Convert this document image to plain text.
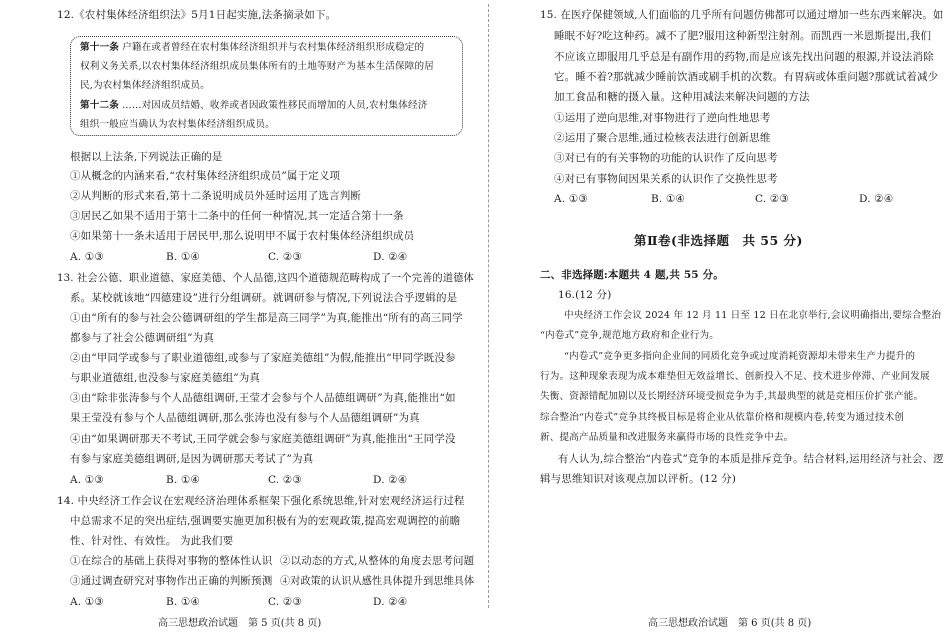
12.《农村集体经济组织法》5月1日起实施,法条摘录如下。
第十一条 户籍在或者曾经在农村集体经济组织并与农村集体经济组织形成稳定的
权利义务关系,以农村集体经济组织成员集体所有的土地等财产为基本生活保障的居
民,为农村集体经济组织成员。
第十二条 ……对因成员结婚、收养或者因政策性移民而增加的人员,农村集体经济
组织一般应当确认为农村集体经济组织成员。
根据以上法条,下列说法正确的是
①从概念的内涵来看,“农村集体经济组织成员”属于定义项
②从判断的形式来看,第十二条说明成员外延时运用了选言判断
③居民乙如果不适用于第十二条中的任何一种情况,其一定适合第十一条
④如果第十一条未适用于居民甲,那么说明甲不属于农村集体经济组织成员
A. ①③	B. ①④	C. ②③	D. ②④
13. 社会公德、职业道德、家庭美德、个人品德,这四个道德规范畴构成了一个完善的道德体
系。某校就该地“四德建设”进行分组调研。就调研参与情况,下列说法合乎逻辑的是
①由“所有的参与社会公德调研组的学生都是高三同学”为真,能推出“所有的高三同学
都参与了社会公德调研组”为真
②由“甲同学或参与了职业道德组,或参与了家庭美德组”为假,能推出“甲同学既没参
与职业道德组,也没参与家庭美德组”为真
③由“除非张涛参与个人品德组调研,王莹才会参与个人品德组调研”为真,能推出“如
果王莹没有参与个人品德组调研,那么张涛也没有参与个人品德组调研”为真
④由“如果调研那天不考试,王同学就会参与家庭美德组调研”为真,能推出“王同学没
有参与家庭美德组调研,是因为调研那天考试了”为真
A. ①③	B. ①④	C. ②③	D. ②④
14. 中央经济工作会议在宏观经济治理体系框架下强化系统思维,针对宏观经济运行过程
中总需求不足的突出症结,强调要实施更加积极有为的宏观政策,提高宏观调控的前瞻
性、针对性、有效性。 为此我们要
①在综合的基础上获得对事物的整体性认识 ②以动态的方式,从整体的角度去思考问题
③通过调查研究对事物作出正确的判断预测 ④对政策的认识从感性具体提升到思维具体
A. ①③	B. ①④	C. ②③	D. ②④
高三思想政治试题　第 5 页(共 8 页)
15. 在医疗保健领域,人们面临的几乎所有问题仿佛都可以通过增加一些东西来解决。如
睡眠不好?吃这种药。减不了肥?服用这种新型注射剂。而凯西一米恩斯提出,我们
不应该立即服用几乎总是有副作用的药物,而是应该先找出问题的根源,并设法消除
它。睡不着?那就减少睡前饮酒或刷手机的次数。有胃病或体重问题?那就试着减少
加工食品和糖的摄入量。这种用减法来解决问题的方法
①运用了逆向思维,对事物进行了逆向性地思考
②运用了聚合思维,通过检核表法进行创新思维
③对已有的有关事物的功能的认识作了反向思考
④对已有事物间因果关系的认识作了交换性思考
A. ①③	B. ①④	C. ②③	D. ②④
第Ⅱ卷(非选择题　共 55 分)
二、非选择题:本题共 4 题,共 55 分。
16.(12 分)
中央经济工作会议 2024 年 12 月 11 日至 12 日在北京举行,会议明确指出,要综合整治
“内卷式”竞争,规范地方政府和企业行为。
“内卷式”竞争更多指向企业间的同质化竞争或过度消耗资源却未带来生产力提升的
行为。这种现象表现为成本难垫但无效益增长、创新投入不足、技术进步停滞、产业间发展
失衡、资源错配加剧以及长期经济环境受损竞争为手,其最典型的就是竞相压价扩张产能。
综合整治“内卷式”竞争其终极目标是将企业从依靠价格和规模内卷,转变为通过技术创
新、提高产品质量和改进服务来赢得市场的良性竞争中去。
有人认为,综合整治“内卷式”竞争的本质是排斥竞争。结合材料,运用经济与社会、逻
辑与思维知识对该观点加以评析。(12 分)
高三思想政治试题　第 6 页(共 8 页)
